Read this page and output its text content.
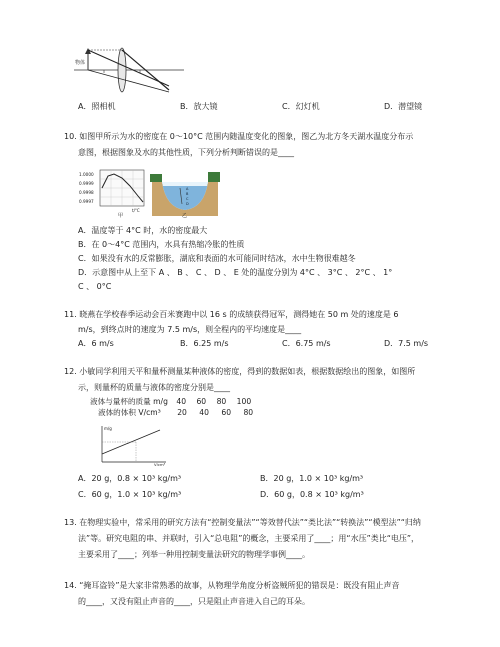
物体
A．照相机	B．放大镜	C．幻灯机	D．潜望镜
10. 如图甲所示为水的密度在 0～10°C 范围内随温度变化的图象，图乙为北方冬天湖水温度分布示
意图，根据图象及水的其他性质，下列分析判断错误的是____
1.0000
0.9999
0.9998
0.9997
t/°C
甲
A
B
C
D
乙
A．温度等于 4°C 时，水的密度最大
B．在 0～4°C 范围内，水具有热缩冷胀的性质
C．如果没有水的反常膨胀，湖底和表面的水可能同时结冰，水中生物很难越冬
D．示意图中从上至下 A 、 B 、 C 、 D 、 E 处的温度分别为 4°C 、 3°C 、 2°C 、 1°
C 、 0°C
11. 晓燕在学校春季运动会百米赛跑中以 16 s 的成绩获得冠军，测得她在 50 m 处的速度是 6
m/s，到终点时的速度为 7.5 m/s，则全程内的平均速度是____
A．6 m/s	B．6.25 m/s	C．6.75 m/s	D．7.5 m/s
12. 小敏同学利用天平和量杯测量某种液体的密度，得到的数据如表，根据数据绘出的图象，如图所
示，则量杯的质量与液体的密度分别是____
液体与量杯的质量 m/g 40 60 80 100
液体的体积 V/cm³ 20 40 60 80
m/g
V/cm³
A．20 g，0.8 × 10³ kg/m³	B．20 g，1.0 × 10³ kg/m³
C．60 g，1.0 × 10³ kg/m³	D．60 g，0.8 × 10³ kg/m³
13. 在物理实验中，常采用的研究方法有“控制变量法”“等效替代法”“类比法”“转换法”“模型法”“归纳
法”等。研究电阻的串、并联时，引入“总电阻”的概念，主要采用了____；用“水压”类比“电压”，
主要采用了____；列举一种用控制变量法研究的物理学事例____。
14. “掩耳盗铃”是大家非常熟悉的故事，从物理学角度分析盗贼所犯的错误是：既没有阻止声音
的____，又没有阻止声音的____，只是阻止声音进入自己的耳朵。
